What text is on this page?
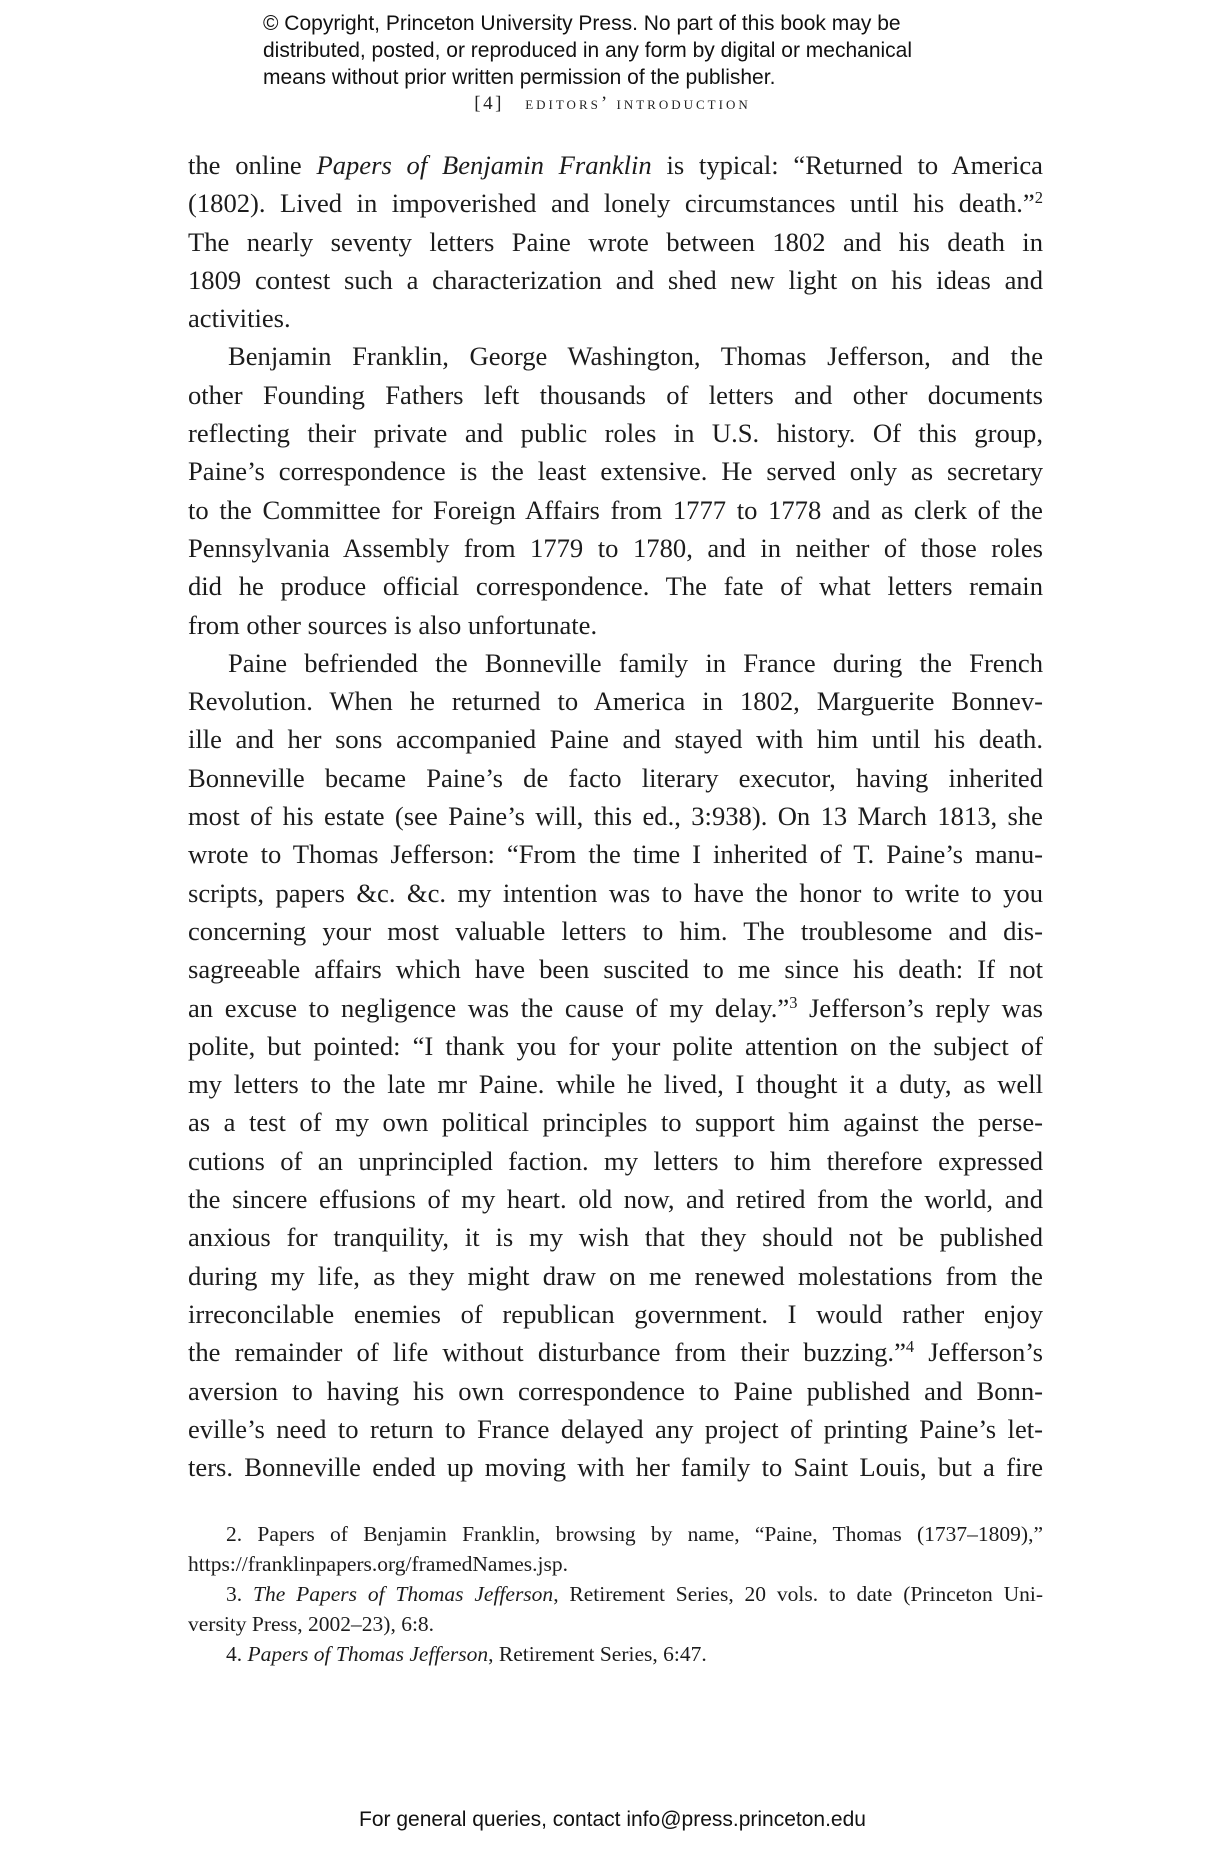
© Copyright, Princeton University Press. No part of this book may be
distributed, posted, or reproduced in any form by digital or mechanical
means without prior written permission of the publisher.
[4] editors’ introduction

the online Papers of Benjamin Franklin is typical: “Returned to America
(1802). Lived in impoverished and lonely circumstances until his death.”$^2$
The nearly seventy letters Paine wrote between 1802 and his death in
1809 contest such a characterization and shed new light on his ideas and
activities.

Benjamin Franklin, George Washington, Thomas Jefferson, and the
other Founding Fathers left thousands of letters and other documents
reflecting their private and public roles in U.S. history. Of this group,
Paine’s correspondence is the least extensive. He served only as secretary
to the Committee for Foreign Affairs from 1777 to 1778 and as clerk of the
Pennsylvania Assembly from 1779 to 1780, and in neither of those roles
did he produce official correspondence. The fate of what letters remain
from other sources is also unfortunate.

Paine befriended the Bonneville family in France during the French
Revolution. When he returned to America in 1802, Marguerite Bonnev-
ille and her sons accompanied Paine and stayed with him until his death.
Bonneville became Paine’s de facto literary executor, having inherited
most of his estate (see Paine’s will, this ed., 3:938). On 13 March 1813, she
wrote to Thomas Jefferson: “From the time I inherited of T. Paine’s manu-
scripts, papers &c. &c. my intention was to have the honor to write to you
concerning your most valuable letters to him. The troublesome and dis-
sagreeable affairs which have been suscited to me since his death: If not
an excuse to negligence was the cause of my delay.”$^3$ Jefferson’s reply was
polite, but pointed: “I thank you for your polite attention on the subject of
my letters to the late mr Paine. while he lived, I thought it a duty, as well
as a test of my own political principles to support him against the perse-
cutions of an unprincipled faction. my letters to him therefore expressed
the sincere effusions of my heart. old now, and retired from the world, and
anxious for tranquility, it is my wish that they should not be published
during my life, as they might draw on me renewed molestations from the
irreconcilable enemies of republican government. I would rather enjoy
the remainder of life without disturbance from their buzzing.”$^4$ Jefferson’s
aversion to having his own correspondence to Paine published and Bonn-
eville’s need to return to France delayed any project of printing Paine’s let-
ters. Bonneville ended up moving with her family to Saint Louis, but a fire

2. Papers of Benjamin Franklin, browsing by name, “Paine, Thomas (1737–1809),”
https://franklinpapers.org/framedNames.jsp.
3. The Papers of Thomas Jefferson, Retirement Series, 20 vols. to date (Princeton Uni-
versity Press, 2002–23), 6:8.
4. Papers of Thomas Jefferson, Retirement Series, 6:47.
For general queries, contact info@press.princeton.edu
